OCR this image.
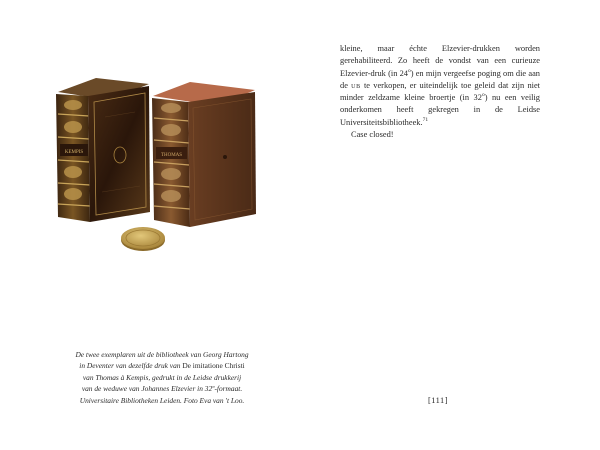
KEMPIS
THOMAS
De twee exemplaren uit de bibliotheek van Georg Hartong
in Deventer van dezelfde druk van De imitatione Christi
van Thomas à Kempis, gedrukt in de Leidse drukkerij
van de weduwe van Johannes Elzevier in 32º-formaat.
Universitaire Bibliotheken Leiden. Foto Eva van 't Loo.

kleine, maar échte Elzevier-drukken worden gerehabiliteerd. Zo heeft de vondst van een curieuze Elzevier-druk (in 24$^o$) en mijn vergeefse poging om die aan de ub te verkopen, er uiteindelijk toe geleid dat zijn niet minder zeldzame kleine broertje (in 32$^o$) nu een veilig onderkomen heeft gekregen in de Leidse Universiteitsbibliotheek.$^{71}$

Case closed!

[111]
